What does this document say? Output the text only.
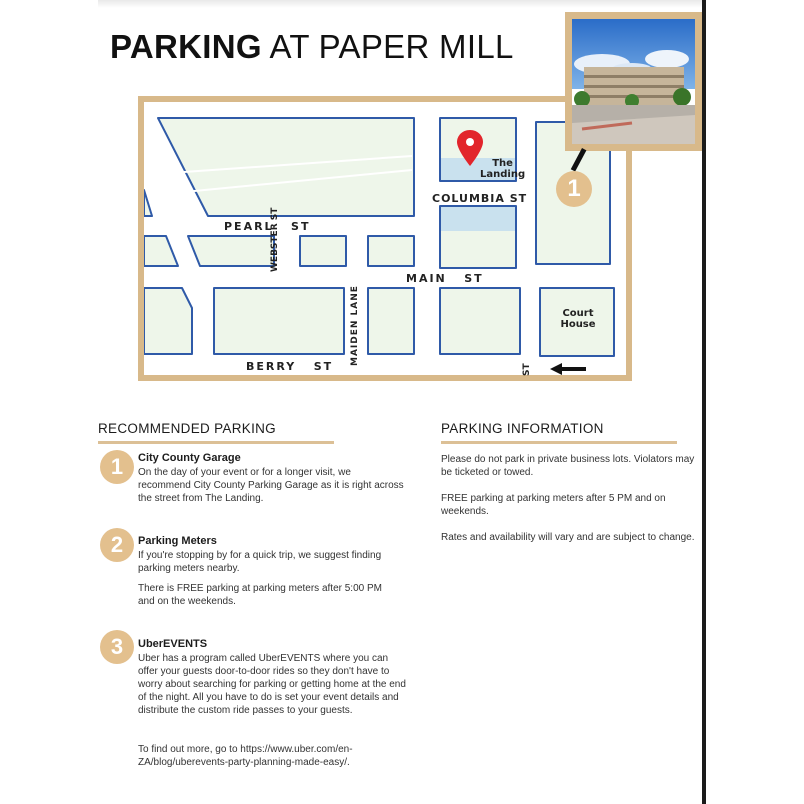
PARKING AT PAPER MILL
The
Landing
COLUMBIA ST
PEARL   ST
WEBSTER ST
MAIN   ST
MAIDEN LANE
BERRY   ST	ST
Court
House
1
RECOMMENDED PARKING
1	City County Garage

On the day of your event or for a longer visit, we recommend City County Parking Garage as it is right across the street from The Landing.

2	Parking Meters

If you're stopping by for a quick trip, we suggest finding parking meters nearby.

There is FREE parking at parking meters after 5:00 PM and on the weekends.

3	UberEVENTS

Uber has a program called UberEVENTS where you can offer your guests door-to-door rides so they don't have to worry about searching for parking or getting home at the end of the night. All you have to do is set your event details and distribute the custom ride passes to your guests.

To find out more, go to https://www.uber.com/en-ZA/blog/uberevents-party-planning-made-easy/.

PARKING INFORMATION

Please do not park in private business lots. Violators may be ticketed or towed.

FREE parking at parking meters after 5 PM and on weekends.

Rates and availability will vary and are subject to change.
